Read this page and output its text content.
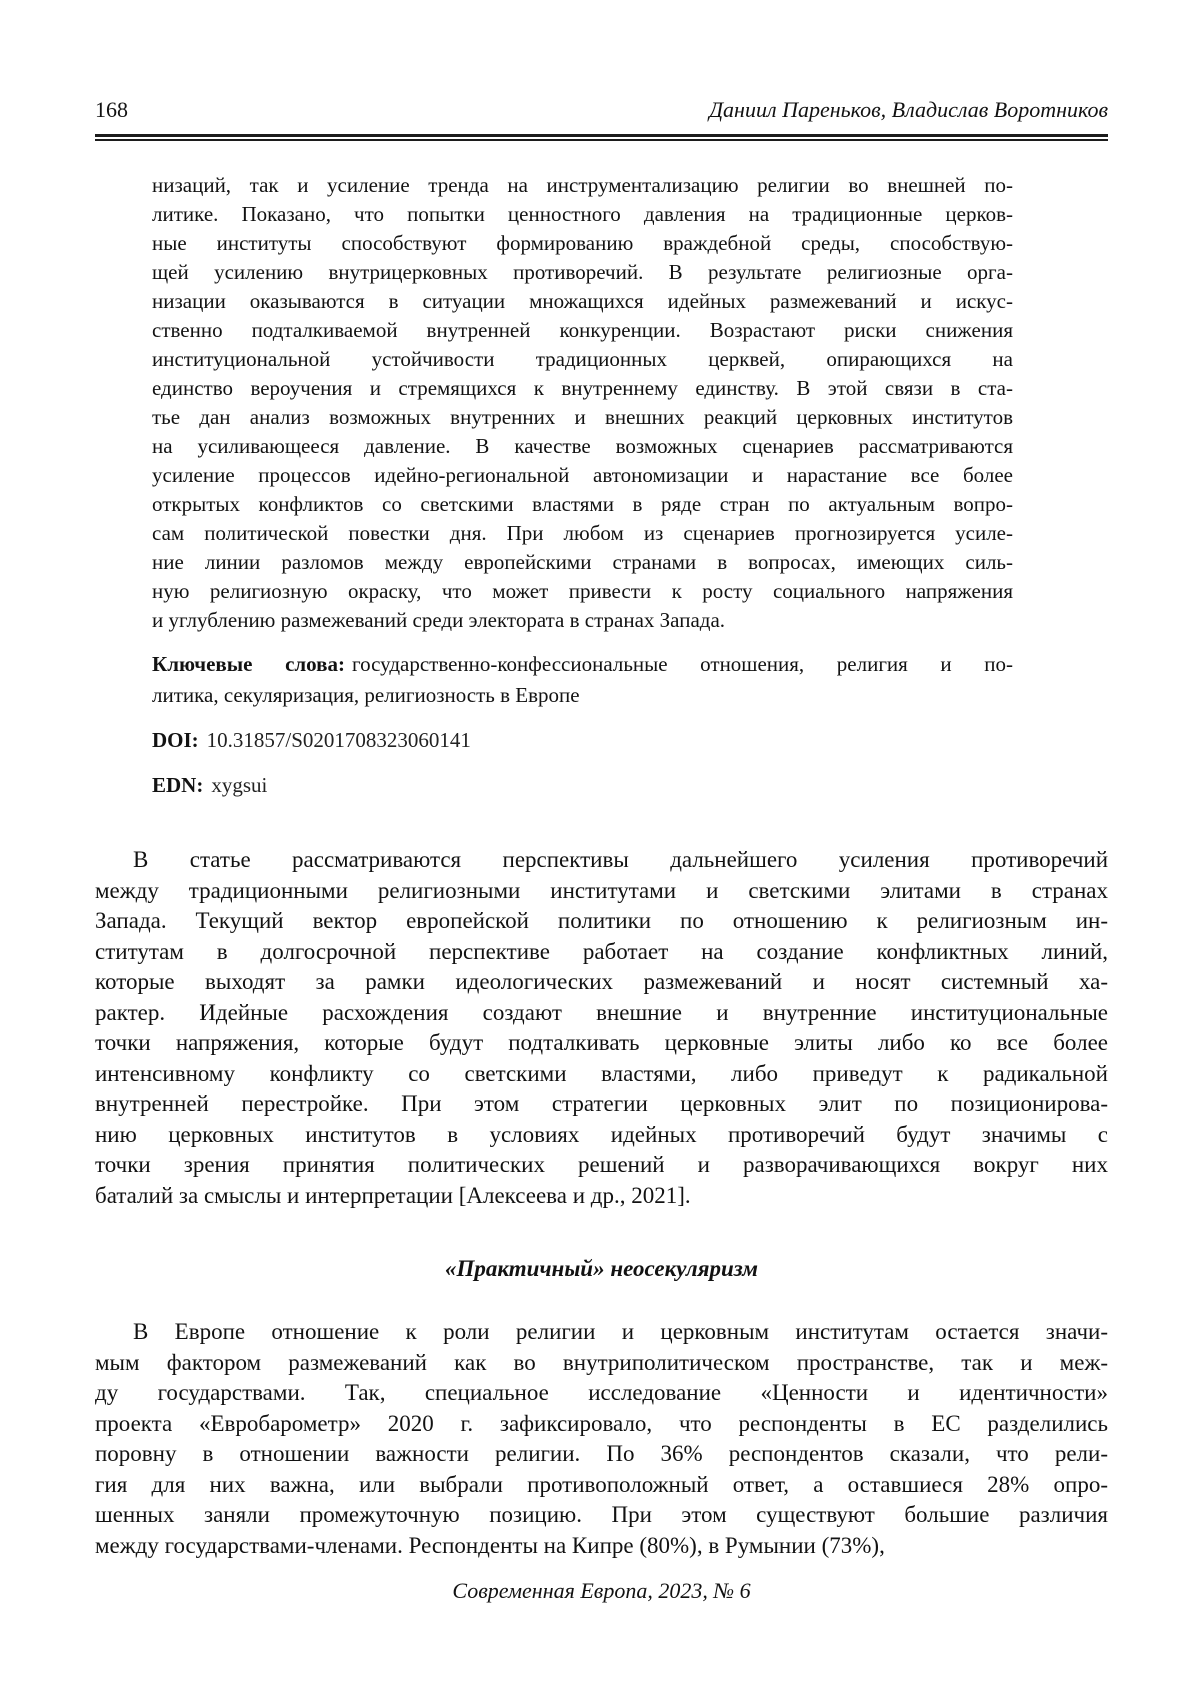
168	Даниил Пареньков, Владислав Воротников
низаций, так и усиление тренда на инструментализацию религии во внешней по-
литике. Показано, что попытки ценностного давления на традиционные церков-
ные институты способствуют формированию враждебной среды, способствую-
щей усилению внутрицерковных противоречий. В результате религиозные орга-
низации оказываются в ситуации множащихся идейных размежеваний и искус-
ственно подталкиваемой внутренней конкуренции. Возрастают риски снижения
институциональной устойчивости традиционных церквей, опирающихся на
единство вероучения и стремящихся к внутреннему единству. В этой связи в ста-
тье дан анализ возможных внутренних и внешних реакций церковных институтов
на усиливающееся давление. В качестве возможных сценариев рассматриваются
усиление процессов идейно-региональной автономизации и нарастание все более
открытых конфликтов со светскими властями в ряде стран по актуальным вопро-
сам политической повестки дня. При любом из сценариев прогнозируется усиле-
ние линии разломов между европейскими странами в вопросах, имеющих силь-
ную религиозную окраску, что может привести к росту социального напряжения
и углублению размежеваний среди электората в странах Запада.
Ключевые слова: государственно-конфессиональные отношения, религия и по-
литика, секуляризация, религиозность в Европе
DOI: 10.31857/S0201708323060141
EDN: xygsui
В статье рассматриваются перспективы дальнейшего усиления противоречий
между традиционными религиозными институтами и светскими элитами в странах
Запада. Текущий вектор европейской политики по отношению к религиозным ин-
ститутам в долгосрочной перспективе работает на создание конфликтных линий,
которые выходят за рамки идеологических размежеваний и носят системный ха-
рактер. Идейные расхождения создают внешние и внутренние институциональные
точки напряжения, которые будут подталкивать церковные элиты либо ко все более
интенсивному конфликту со светскими властями, либо приведут к радикальной
внутренней перестройке. При этом стратегии церковных элит по позиционирова-
нию церковных институтов в условиях идейных противоречий будут значимы с
точки зрения принятия политических решений и разворачивающихся вокруг них
баталий за смыслы и интерпретации [Алексеева и др., 2021].
«Практичный» неосекуляризм
В Европе отношение к роли религии и церковным институтам остается значи-
мым фактором размежеваний как во внутриполитическом пространстве, так и меж-
ду государствами. Так, специальное исследование «Ценности и идентичности»
проекта «Евробарометр» 2020 г. зафиксировало, что респонденты в ЕС разделились
поровну в отношении важности религии. По 36% респондентов сказали, что рели-
гия для них важна, или выбрали противоположный ответ, а оставшиеся 28% опро-
шенных заняли промежуточную позицию. При этом существуют большие различия
между государствами-членами. Респонденты на Кипре (80%), в Румынии (73%),
Современная Европа, 2023, № 6
